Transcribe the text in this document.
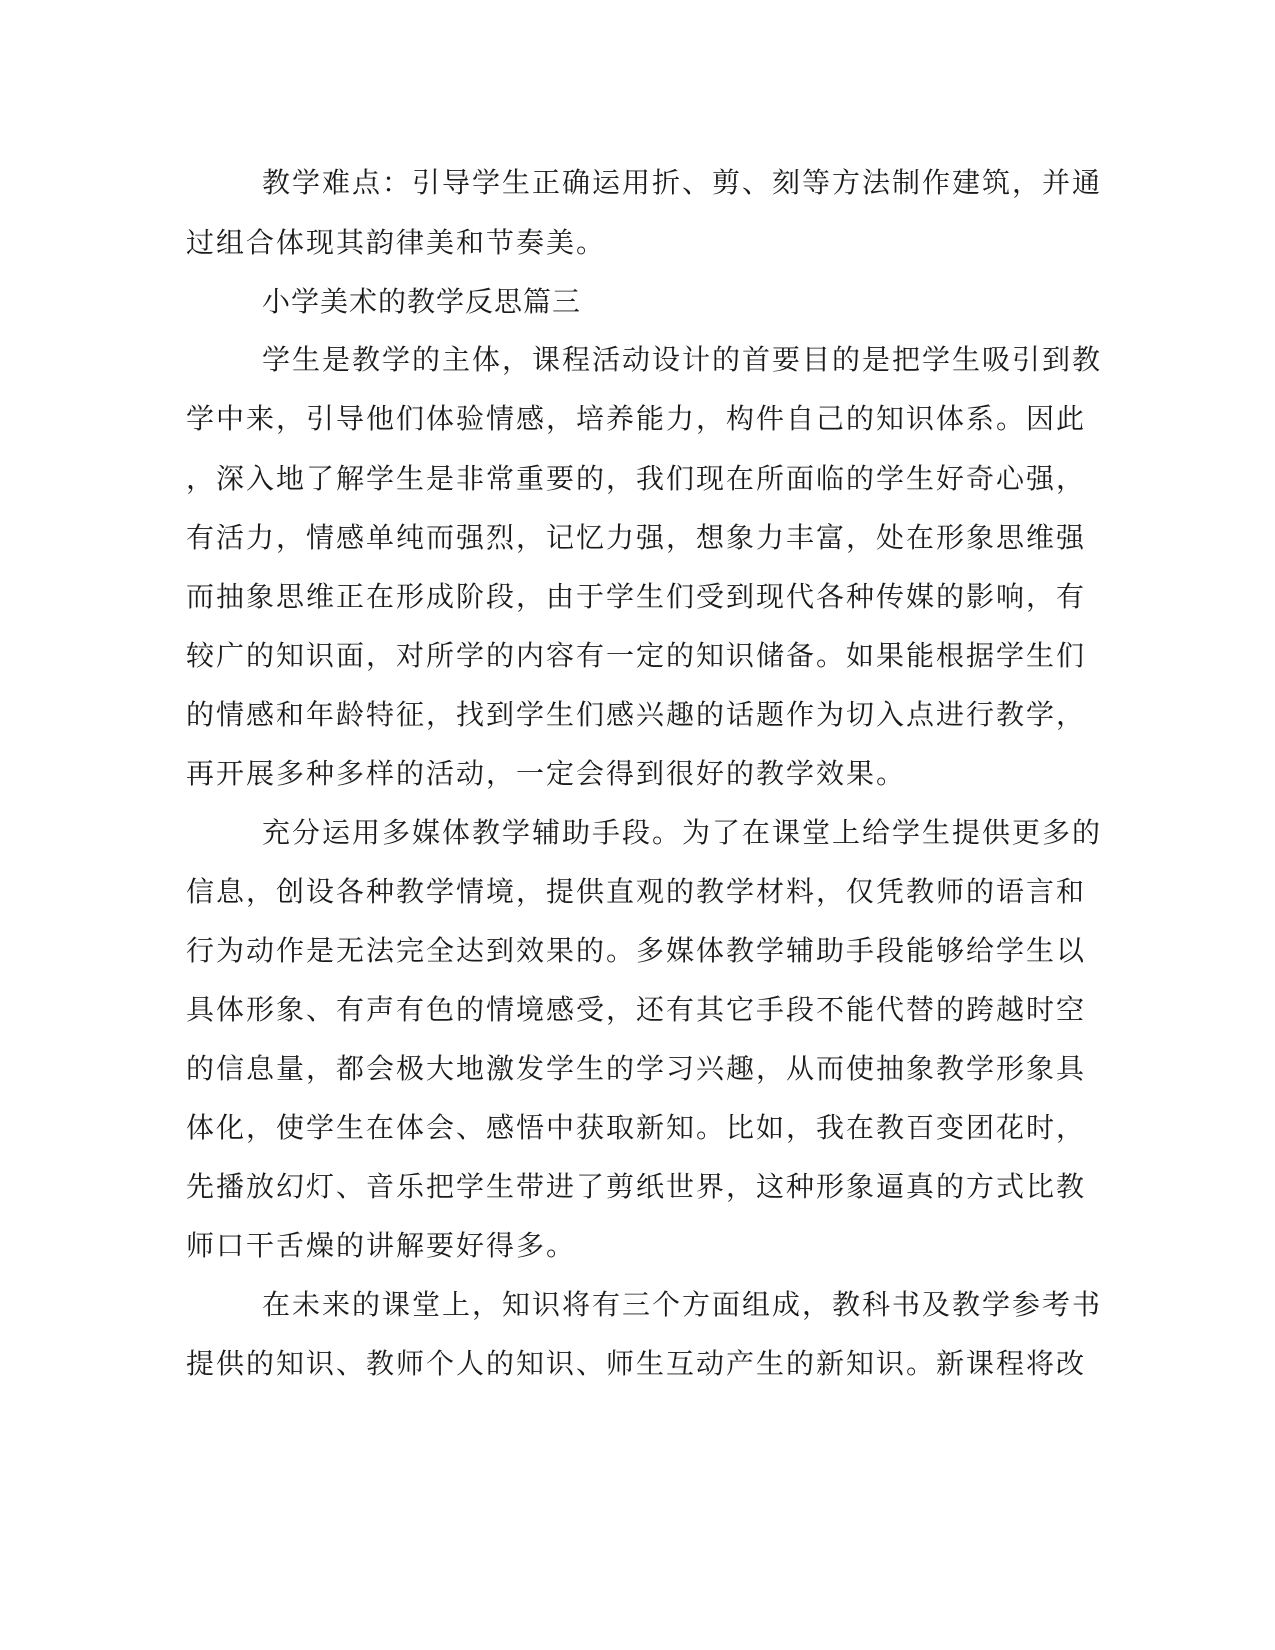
教学难点：引导学生正确运用折、剪、刻等方法制作建筑，并通
过组合体现其韵律美和节奏美。
小学美术的教学反思篇三
学生是教学的主体，课程活动设计的首要目的是把学生吸引到教
学中来，引导他们体验情感，培养能力，构件自己的知识体系。因此
，深入地了解学生是非常重要的，我们现在所面临的学生好奇心强，
有活力，情感单纯而强烈，记忆力强，想象力丰富，处在形象思维强
而抽象思维正在形成阶段，由于学生们受到现代各种传媒的影响，有
较广的知识面，对所学的内容有一定的知识储备。如果能根据学生们
的情感和年龄特征，找到学生们感兴趣的话题作为切入点进行教学，
再开展多种多样的活动，一定会得到很好的教学效果。
充分运用多媒体教学辅助手段。为了在课堂上给学生提供更多的
信息，创设各种教学情境，提供直观的教学材料，仅凭教师的语言和
行为动作是无法完全达到效果的。多媒体教学辅助手段能够给学生以
具体形象、有声有色的情境感受，还有其它手段不能代替的跨越时空
的信息量，都会极大地激发学生的学习兴趣，从而使抽象教学形象具
体化，使学生在体会、感悟中获取新知。比如，我在教百变团花时，
先播放幻灯、音乐把学生带进了剪纸世界，这种形象逼真的方式比教
师口干舌燥的讲解要好得多。
在未来的课堂上，知识将有三个方面组成，教科书及教学参考书
提供的知识、教师个人的知识、师生互动产生的新知识。新课程将改
